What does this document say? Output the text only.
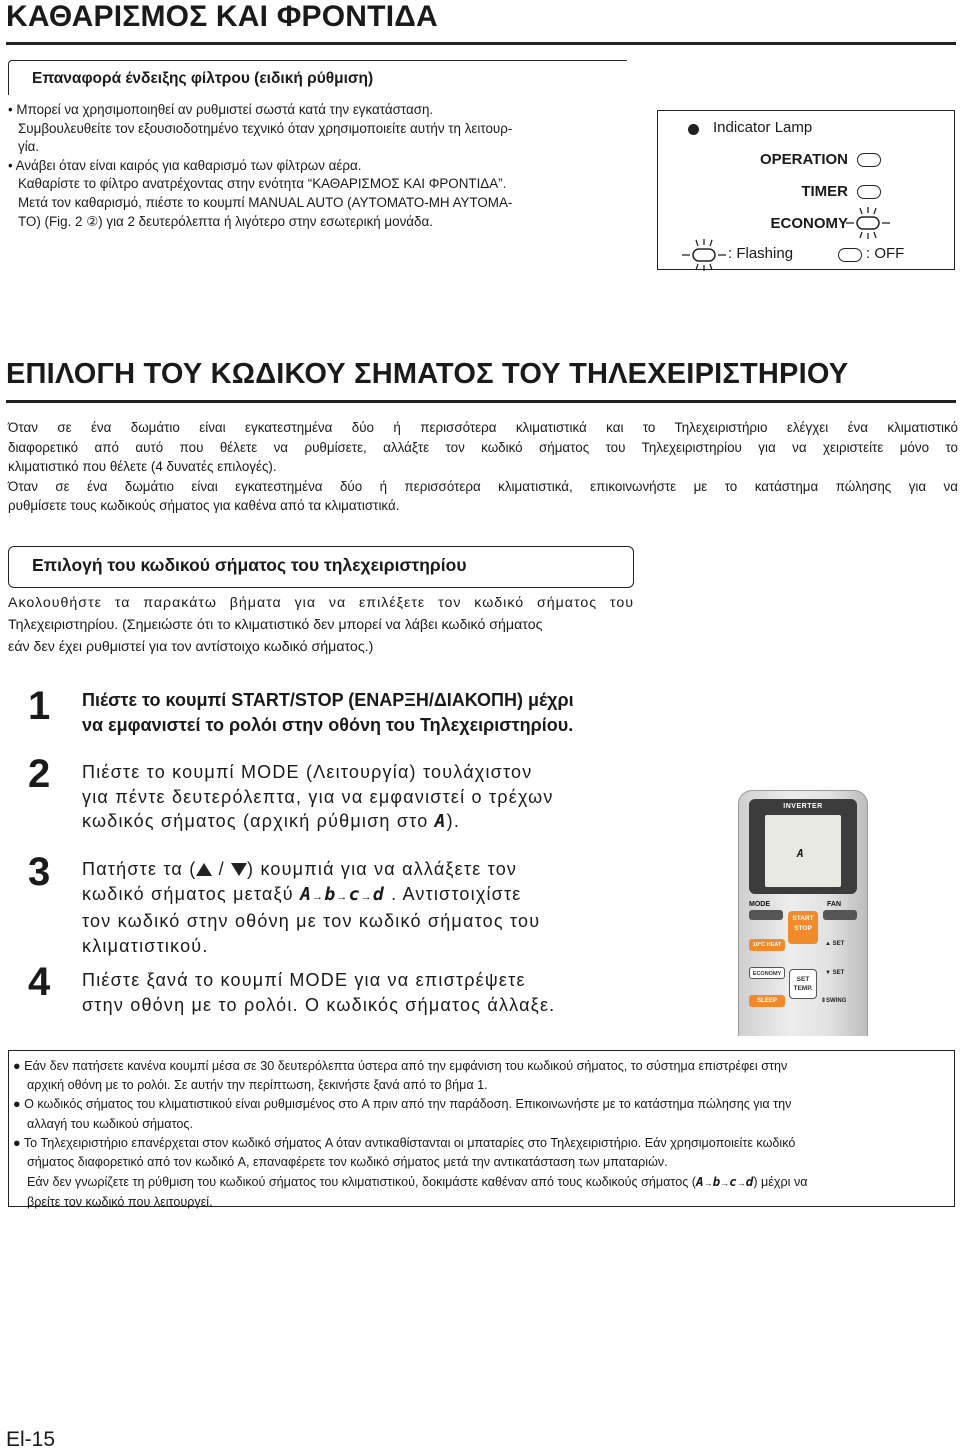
ΚΑΘΑΡΙΣΜΟΣ ΚΑΙ ΦΡΟΝΤΙΔΑ
Επαναφορά ένδειξης φίλτρου (ειδική ρύθμιση)
• Μπορεί να χρησιμοποιηθεί αν ρυθμιστεί σωστά κατά την εγκατάσταση.
Συμβουλευθείτε τον εξουσιοδοτημένο τεχνικό όταν χρησιμοποιείτε αυτήν τη λειτουρ-
γία.
• Ανάβει όταν είναι καιρός για καθαρισμό των φίλτρων αέρα.
Καθαρίστε το φίλτρο ανατρέχοντας στην ενότητα “ΚΑΘΑΡΙΣΜΟΣ ΚΑΙ ΦΡΟΝΤΙΔΑ”.
Μετά τον καθαρισμό, πιέστε το κουμπί MANUAL AUTO (ΑΥΤΟΜΑΤΟ-ΜΗ ΑΥΤΟΜΑ-
ΤΟ) (Fig. 2 ②) για 2 δευτερόλεπτα ή λιγότερο στην εσωτερική μονάδα.
Indicator Lamp
OPERATION
TIMER
ECONOMY
: Flashing	: OFF
ΕΠΙΛΟΓΗ ΤΟΥ ΚΩΔΙΚΟΥ ΣΗΜΑΤΟΣ ΤΟΥ ΤΗΛΕΧΕΙΡΙΣΤΗΡΙΟΥ
Όταν σε ένα δωμάτιο είναι εγκατεστημένα δύο ή περισσότερα κλιματιστικά και το Τηλεχειριστήριο ελέγχει ένα κλιματιστικό
διαφορετικό από αυτό που θέλετε να ρυθμίσετε, αλλάξτε τον κωδικό σήματος του Τηλεχειριστηρίου για να χειριστείτε μόνο το
κλιματιστικό που θέλετε (4 δυνατές επιλογές).
Όταν σε ένα δωμάτιο είναι εγκατεστημένα δύο ή περισσότερα κλιματιστικά, επικοινωνήστε με το κατάστημα πώλησης για να
ρυθμίσετε τους κωδικούς σήματος για καθένα από τα κλιματιστικά.
Επιλογή του κωδικού σήματος του τηλεχειριστηρίου
Ακολουθήστε τα παρακάτω βήματα για να επιλέξετε τον κωδικό σήματος του
Τηλεχειριστηρίου. (Σημειώστε ότι το κλιματιστικό δεν μπορεί να λάβει κωδικό σήματος
εάν δεν έχει ρυθμιστεί για τον αντίστοιχο κωδικό σήματος.)
1 Πιέστε το κουμπί START/STOP (ΕΝΑΡΞΗ/ΔΙΑΚΟΠΗ) μέχρι
να εμφανιστεί το ρολόι στην οθόνη του Τηλεχειριστηρίου.
2 Πιέστε το κουμπί MODE (Λειτουργία) τουλάχιστον
για πέντε δευτερόλεπτα, για να εμφανιστεί ο τρέχων
κωδικός σήματος (αρχική ρύθμιση στο A).
3 Πατήστε τα ( / ) κουμπιά για να αλλάξετε τον
κωδικό σήματος μεταξύ A→b→c→d . Αντιστοιχίστε
τον κωδικό στην οθόνη με τον κωδικό σήματος του
κλιματιστικού.
4 Πιέστε ξανά το κουμπί MODE για να επιστρέψετε
στην οθόνη με το ρολόι. Ο κωδικός σήματος άλλαξε.
INVERTER
A
MODE	FAN
START
STOP
10°C HEAT	▲ SET
ECONOMY
SET
TEMP.
▼ SET
SLEEP	⇕SWING
● Εάν δεν πατήσετε κανένα κουμπί μέσα σε 30 δευτερόλεπτα ύστερα από την εμφάνιση του κωδικού σήματος, το σύστημα επιστρέφει στην
αρχική οθόνη με το ρολόι. Σε αυτήν την περίπτωση, ξεκινήστε ξανά από το βήμα 1.
● Ο κωδικός σήματος του κλιματιστικού είναι ρυθμισμένος στο A πριν από την παράδοση. Επικοινωνήστε με το κατάστημα πώλησης για την
αλλαγή του κωδικού σήματος.
● Το Τηλεχειριστήριο επανέρχεται στον κωδικό σήματος A όταν αντικαθίστανται οι μπαταρίες στο Τηλεχειριστήριο. Εάν χρησιμοποιείτε κωδικό
σήματος διαφορετικό από τον κωδικό A, επαναφέρετε τον κωδικό σήματος μετά την αντικατάσταση των μπαταριών.
Εάν δεν γνωρίζετε τη ρύθμιση του κωδικού σήματος του κλιματιστικού, δοκιμάστε καθέναν από τους κωδικούς σήματος (A→b→c→d) μέχρι να
βρείτε τον κωδικό που λειτουργεί.
El-15
